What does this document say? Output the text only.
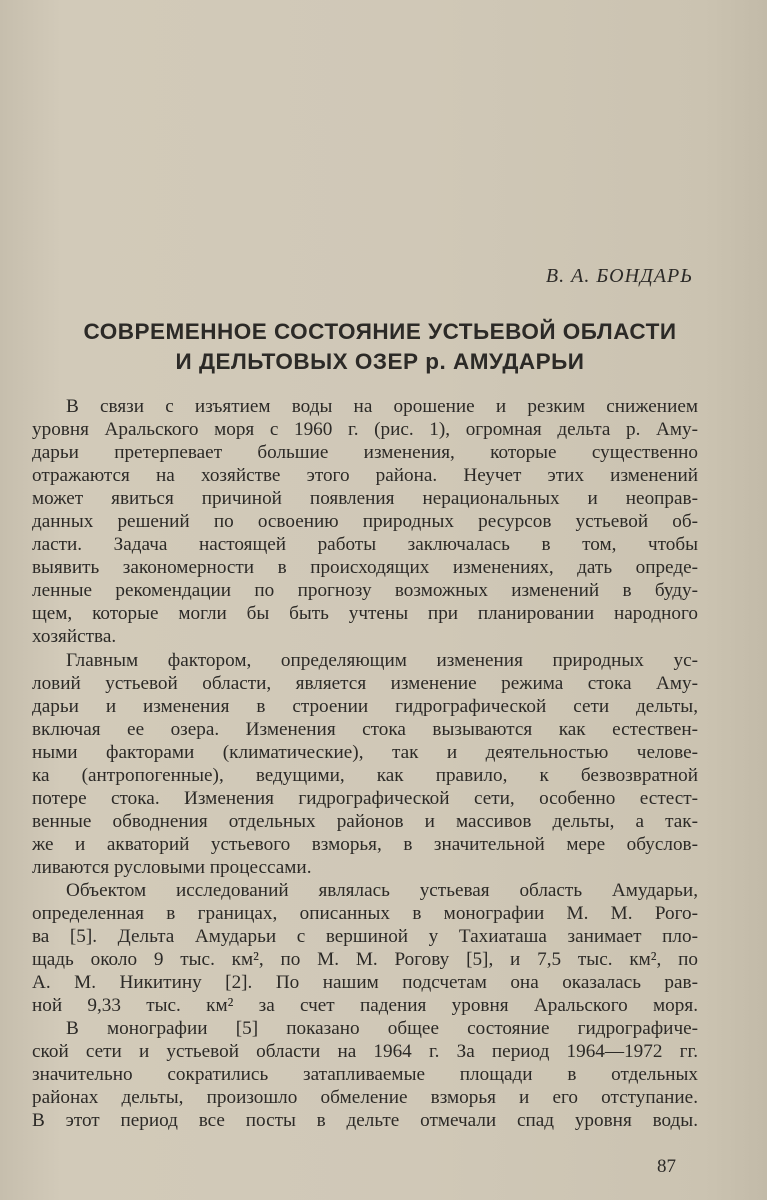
В. А. БОНДАРЬ
СОВРЕМЕННОЕ СОСТОЯНИЕ УСТЬЕВОЙ ОБЛАСТИ
И ДЕЛЬТОВЫХ ОЗЕР р. АМУДАРЬИ
В связи с изъятием воды на орошение и резким снижением
уровня Аральского моря с 1960 г. (рис. 1), огромная дельта р. Аму-
дарьи претерпевает большие изменения, которые существенно
отражаются на хозяйстве этого района. Неучет этих изменений
может явиться причиной появления нерациональных и неоправ-
данных решений по освоению природных ресурсов устьевой об-
ласти. Задача настоящей работы заключалась в том, чтобы
выявить закономерности в происходящих изменениях, дать опреде-
ленные рекомендации по прогнозу возможных изменений в буду-
щем, которые могли бы быть учтены при планировании народного
хозяйства.
Главным фактором, определяющим изменения природных ус-
ловий устьевой области, является изменение режима стока Аму-
дарьи и изменения в строении гидрографической сети дельты,
включая ее озера. Изменения стока вызываются как естествен-
ными факторами (климатические), так и деятельностью челове-
ка (антропогенные), ведущими, как правило, к безвозвратной
потере стока. Изменения гидрографической сети, особенно естест-
венные обводнения отдельных районов и массивов дельты, а так-
же и акваторий устьевого взморья, в значительной мере обуслов-
ливаются русловыми процессами.
Объектом исследований являлась устьевая область Амударьи,
определенная в границах, описанных в монографии М. М. Рого-
ва [5]. Дельта Амударьи с вершиной у Тахиаташа занимает пло-
щадь около 9 тыс. км², по М. М. Рогову [5], и 7,5 тыс. км², по
А. М. Никитину [2]. По нашим подсчетам она оказалась рав-
ной 9,33 тыс. км² за счет падения уровня Аральского моря.
В монографии [5] показано общее состояние гидрографиче-
ской сети и устьевой области на 1964 г. За период 1964—1972 гг.
значительно сократились затапливаемые площади в отдельных
районах дельты, произошло обмеление взморья и его отступание.
В этот период все посты в дельте отмечали спад уровня воды.
87
